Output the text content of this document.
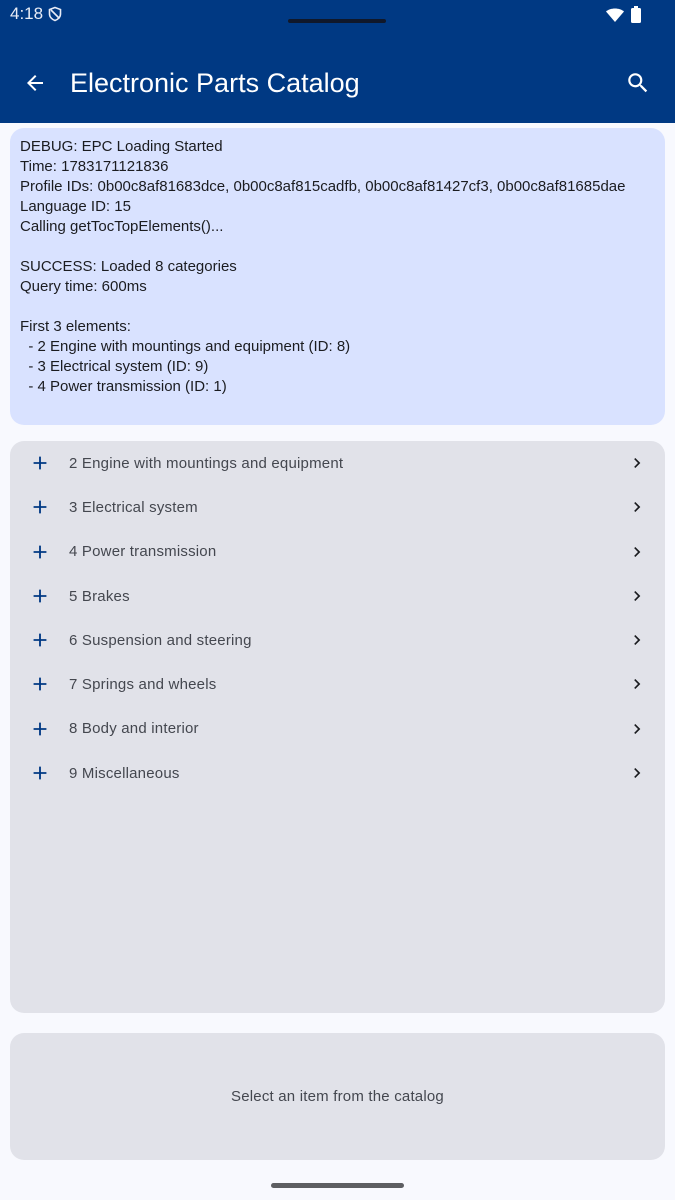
4:18
Electronic Parts Catalog
DEBUG: EPC Loading Started
Time: 1783171121836
Profile IDs: 0b00c8af81683dce, 0b00c8af815cadfb, 0b00c8af81427cf3, 0b00c8af81685dae
Language ID: 15
Calling getTocTopElements()...
SUCCESS: Loaded 8 categories
Query time: 600ms
First 3 elements:
- 2 Engine with mountings and equipment (ID: 8)
- 3 Electrical system (ID: 9)
- 4 Power transmission (ID: 1)
2 Engine with mountings and equipment
3 Electrical system
4 Power transmission
5 Brakes
6 Suspension and steering
7 Springs and wheels
8 Body and interior
9 Miscellaneous
Select an item from the catalog
